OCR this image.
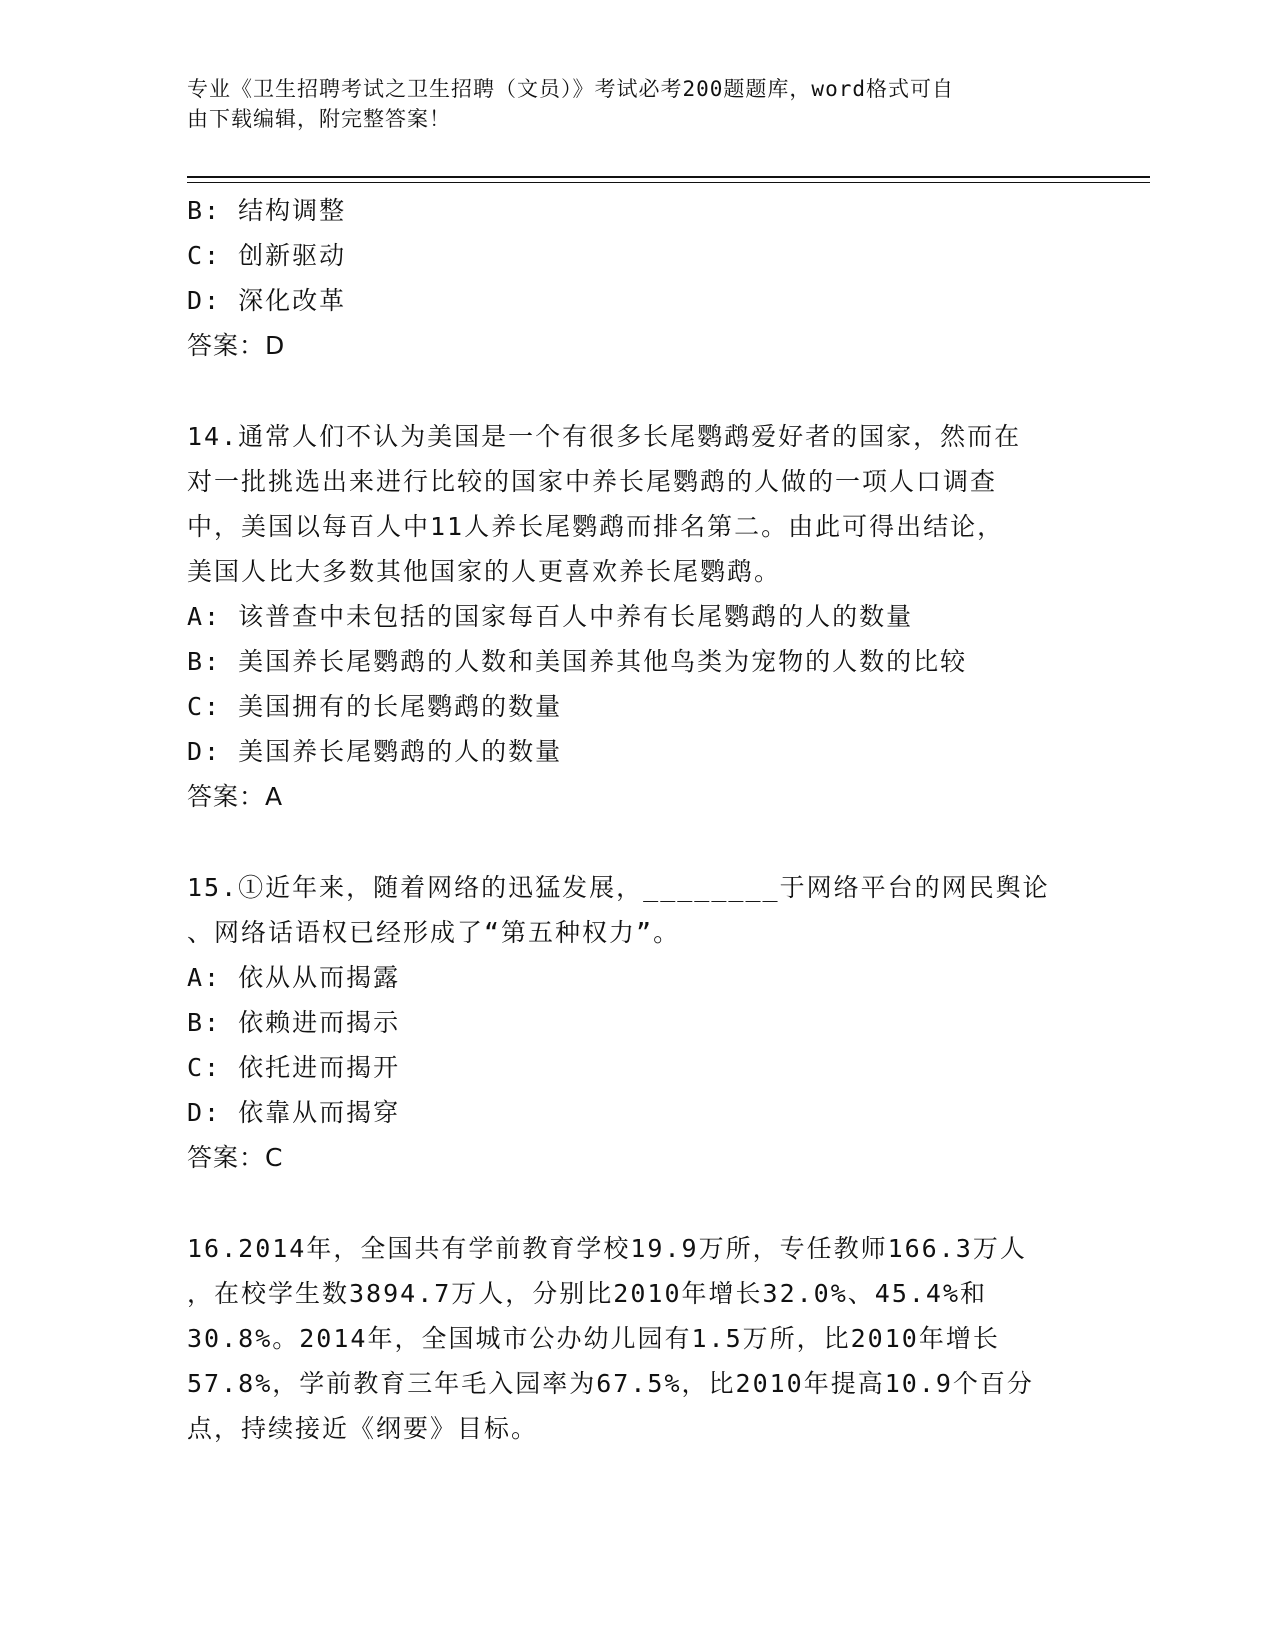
专业《卫生招聘考试之卫生招聘（文员）》考试必考200题题库，word格式可自
由下载编辑，附完整答案！
B: 结构调整
C: 创新驱动
D: 深化改革
答案：D
14.通常人们不认为美国是一个有很多长尾鹦鹉爱好者的国家，然而在
对一批挑选出来进行比较的国家中养长尾鹦鹉的人做的一项人口调查
中，美国以每百人中11人养长尾鹦鹉而排名第二。由此可得出结论，
美国人比大多数其他国家的人更喜欢养长尾鹦鹉。
A: 该普查中未包括的国家每百人中养有长尾鹦鹉的人的数量
B: 美国养长尾鹦鹉的人数和美国养其他鸟类为宠物的人数的比较
C: 美国拥有的长尾鹦鹉的数量
D: 美国养长尾鹦鹉的人的数量
答案：A
15.①近年来，随着网络的迅猛发展，________于网络平台的网民舆论
、网络话语权已经形成了“第五种权力”。
A: 依从从而揭露
B: 依赖进而揭示
C: 依托进而揭开
D: 依靠从而揭穿
答案：C
16.2014年，全国共有学前教育学校19.9万所，专任教师166.3万人
，在校学生数3894.7万人，分别比2010年增长32.0%、45.4%和
30.8%。2014年，全国城市公办幼儿园有1.5万所，比2010年增长
57.8%，学前教育三年毛入园率为67.5%，比2010年提高10.9个百分
点，持续接近《纲要》目标。
